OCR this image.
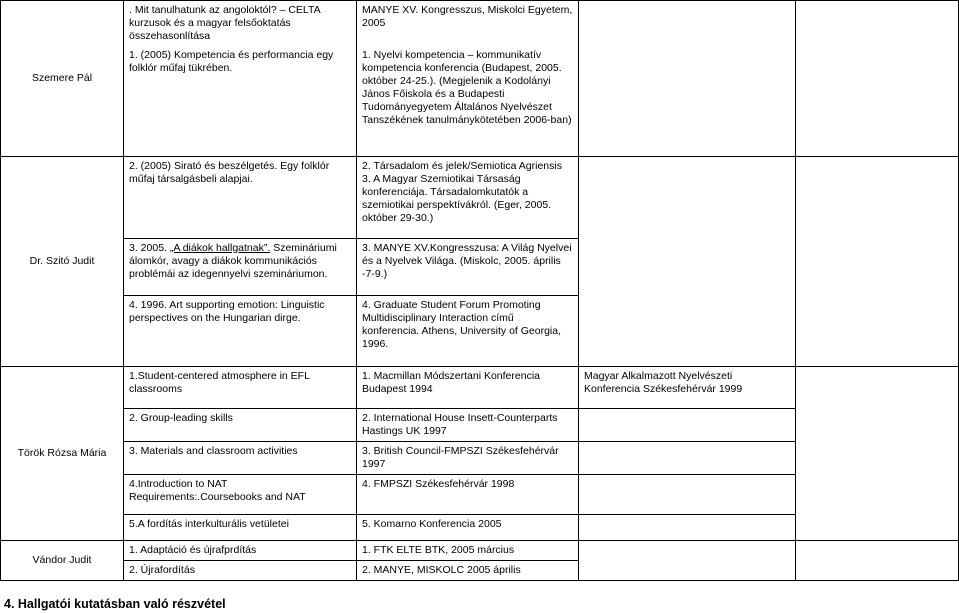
Szemere Pál	. Mit tanulhatunk az angoloktól? – CELTA kurzusok és a magyar felsőoktatás összehasonlítása	MANYE XV. Kongresszus, Miskolci Egyetem, 2005		
	1. (2005) Kompetencia és performancia egy folklór műfaj tükrében.	1. Nyelvi kompetencia – kommunikatív kompetencia konferencia (Budapest, 2005. október 24-25.). (Megjelenik a Kodolányi János Főiskola és a Budapesti Tudományegyetem Általános Nyelvészet Tanszékének tanulmánykötetében 2006-ban)		
Dr. Szitó Judit	2. (2005) Sirató és beszélgetés. Egy folklór műfaj társalgásbeli alapjai.	2. Társadalom és jelek/Semiotica Agriensis 3. A Magyar Szemiotikai Társaság konferenciája. Társadalomkutatók a szemiotikai perspektívákról. (Eger, 2005. október 29-30.)		
	3. 2005. „A diákok hallgatnak”. Szemináriumi álomkór, avagy a diákok kommunikációs problémái az idegennyelvi szemináriumon.	3. MANYE XV.Kongresszusa: A Világ Nyelvei és a Nyelvek Világa. (Miskolc, 2005. április -7-9.)		
	4. 1996. Art supporting emotion: Linguistic perspectives on the Hungarian dirge.	4. Graduate Student Forum Promoting Multidisciplinary Interaction című konferencia. Athens, University of Georgia, 1996.		
Török Rózsa Mária	1.Student-centered atmosphere in EFL classrooms	1. Macmillan Módszertani Konferencia Budapest 1994	Magyar Alkalmazott Nyelvészeti Konferencia Székesfehérvár 1999	
	2. Group-leading skills	2. International House Insett-Counterparts Hastings UK 1997		
	3. Materials and classroom activities	3. British Council-FMPSZI Székesfehérvár 1997		
	4.Introduction to NAT Requirements:.Coursebooks and NAT	4. FMPSZI Székesfehérvár 1998		
	5.A fordítás interkulturális vetületei	5. Komarno Konferencia 2005		
Vándor Judit	1. Adaptáció és újrafprdítás	1. FTK ELTE BTK, 2005 március		
	2. Újrafordítás	2. MANYE, MISKOLC 2005 április		
4. Hallgatói kutatásban való részvétel
